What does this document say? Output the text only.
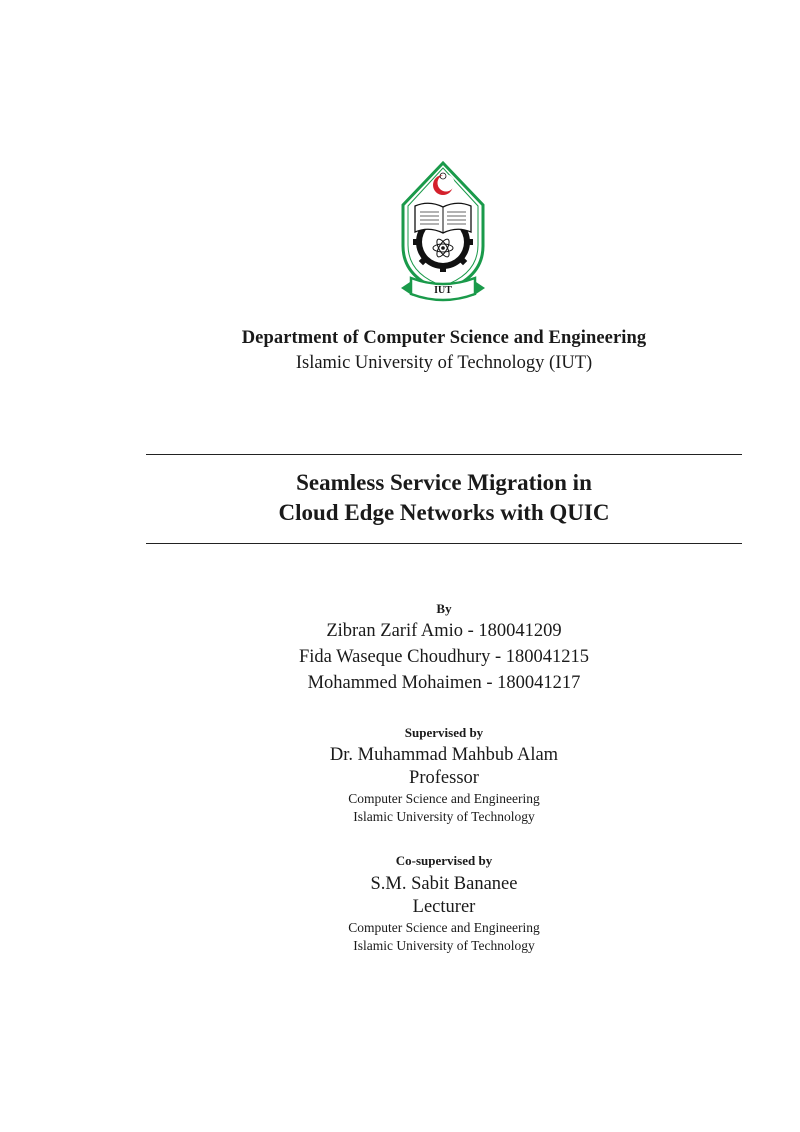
IUT
Department of Computer Science and Engineering
Islamic University of Technology (IUT)
Seamless Service Migration in
Cloud Edge Networks with QUIC
By
Zibran Zarif Amio - 180041209
Fida Waseque Choudhury - 180041215
Mohammed Mohaimen - 180041217
Supervised by
Dr. Muhammad Mahbub Alam
Professor
Computer Science and Engineering
Islamic University of Technology
Co-supervised by
S.M. Sabit Bananee
Lecturer
Computer Science and Engineering
Islamic University of Technology
